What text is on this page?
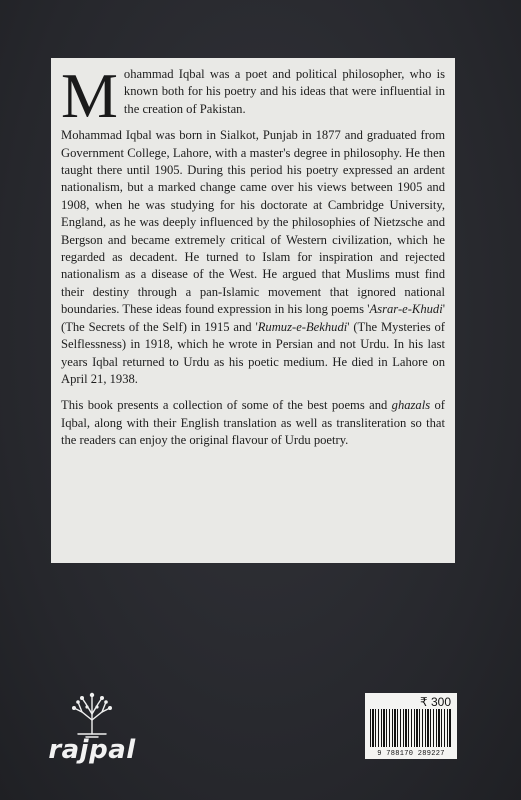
M ohammad Iqbal was a poet and political philosopher, who is known both for his poetry and his ideas that were influential in the creation of Pakistan.

Mohammad Iqbal was born in Sialkot, Punjab in 1877 and graduated from Government College, Lahore, with a master's degree in philosophy. He then taught there until 1905. During this period his poetry expressed an ardent nationalism, but a marked change came over his views between 1905 and 1908, when he was studying for his doctorate at Cambridge University, England, as he was deeply influenced by the philosophies of Nietzsche and Bergson and became extremely critical of Western civilization, which he regarded as decadent. He turned to Islam for inspiration and rejected nationalism as a disease of the West. He argued that Muslims must find their destiny through a pan-Islamic movement that ignored national boundaries. These ideas found expression in his long poems 'Asrar-e-Khudi' (The Secrets of the Self) in 1915 and 'Rumuz-e-Bekhudi' (The Mysteries of Selflessness) in 1918, which he wrote in Persian and not Urdu. In his last years Iqbal returned to Urdu as his poetic medium. He died in Lahore on April 21, 1938.

This book presents a collection of some of the best poems and ghazals of Iqbal, along with their English translation as well as transliteration so that the readers can enjoy the original flavour of Urdu poetry.

rajpal
₹ 300
9 788170 289227
